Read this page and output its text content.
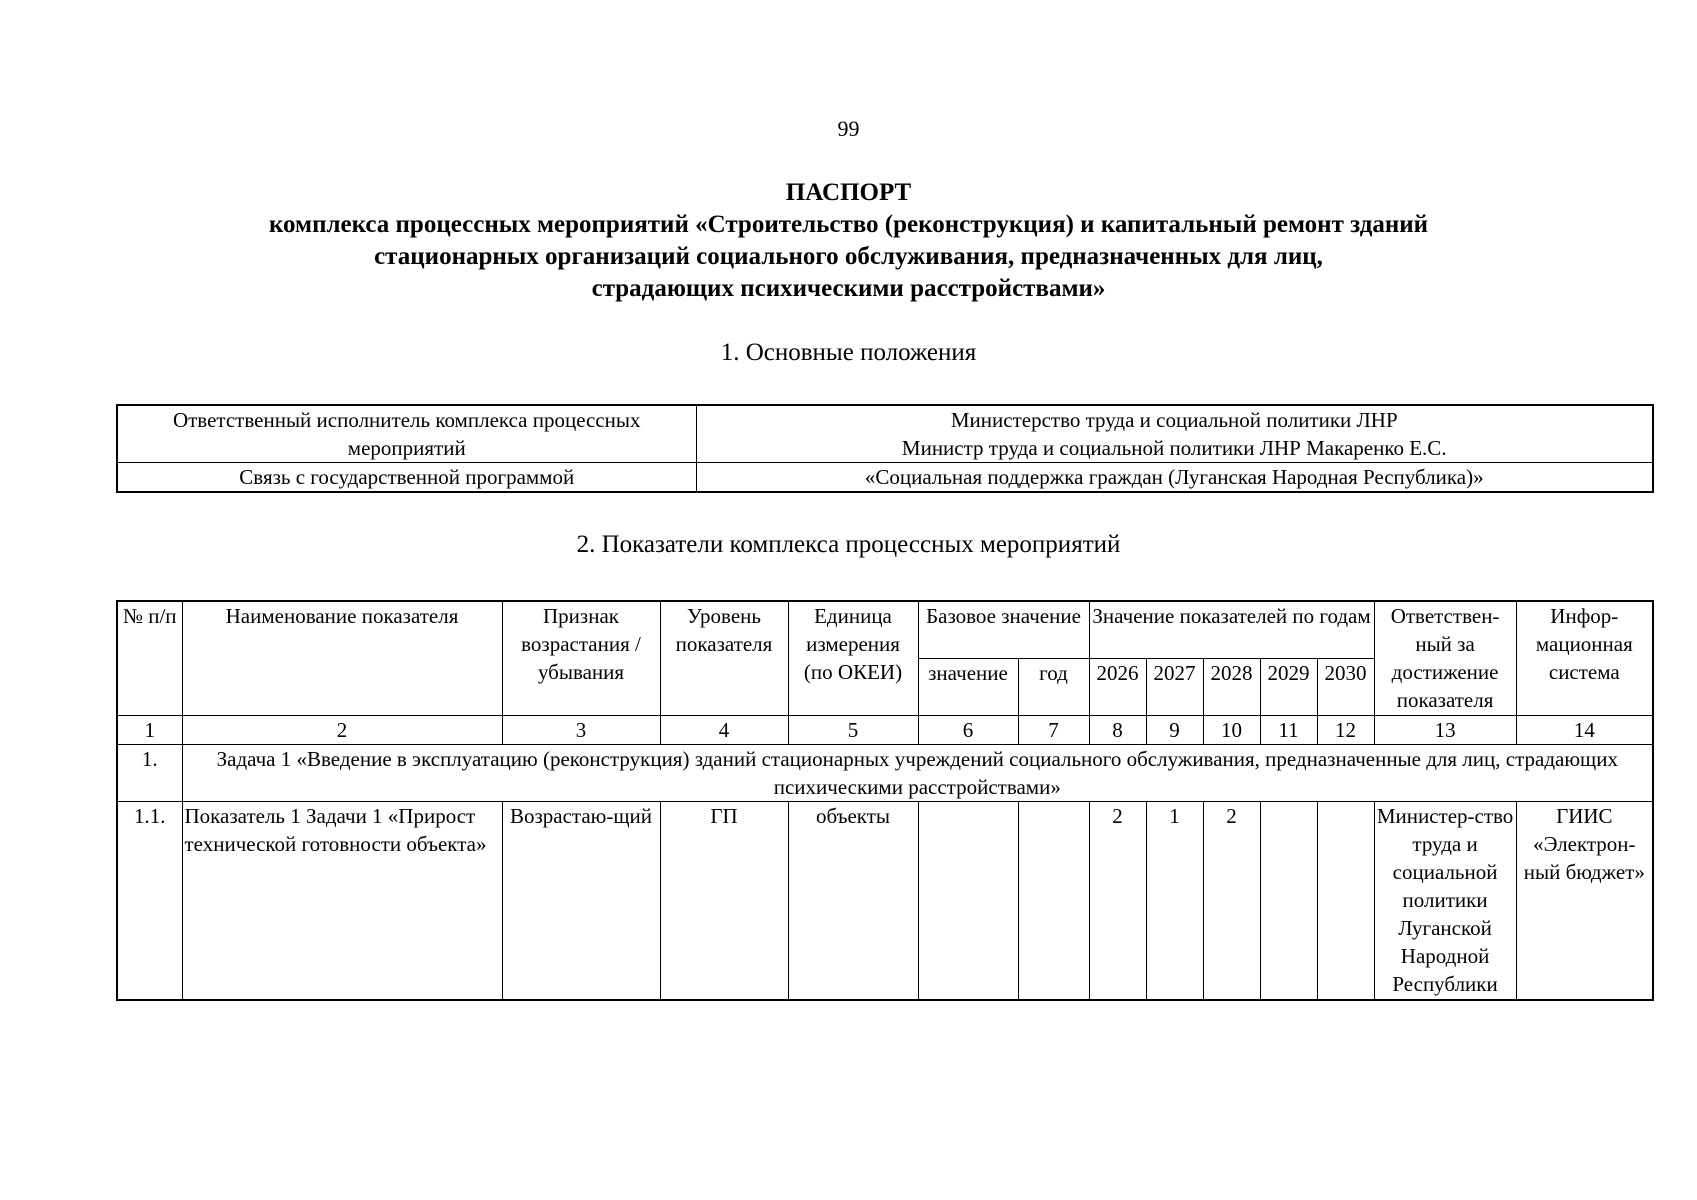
99
ПАСПОРТ
комплекса процессных мероприятий «Строительство (реконструкция) и капитальный ремонт зданий
стационарных организаций социального обслуживания, предназначенных для лиц,
страдающих психическими расстройствами»
1. Основные положения
Ответственный исполнитель комплекса процессных мероприятий	Министерство труда и социальной политики ЛНР
Министр труда и социальной политики ЛНР Макаренко Е.С.

Связь с государственной программой	«Социальная поддержка граждан (Луганская Народная Республика)»
2. Показатели комплекса процессных мероприятий
№ п/п	Наименование показателя	Признак возрастания / убывания	Уровень показателя	Единица измерения (по ОКЕИ)	Базовое значение		Значение показателей по годам					Ответствен-ный за достижение показателя	Инфор-мационная система
					значение	год	2026	2027	2028	2029	2030		
1	2	3	4	5	6	7	8	9	10	11	12	13	14
1.	Задача 1 «Введение в эксплуатацию (реконструкция) зданий стационарных учреждений социального обслуживания, предназначенные для лиц, страдающих психическими расстройствами»												
1.1.	Показатель 1 Задачи 1 «Прирост технической готовности объекта»	Возрастаю-щий	ГП	объекты			2	1	2			Министер-ство труда и социальной политики Луганской Народной Республики	ГИИС «Электрон-ный бюджет»
